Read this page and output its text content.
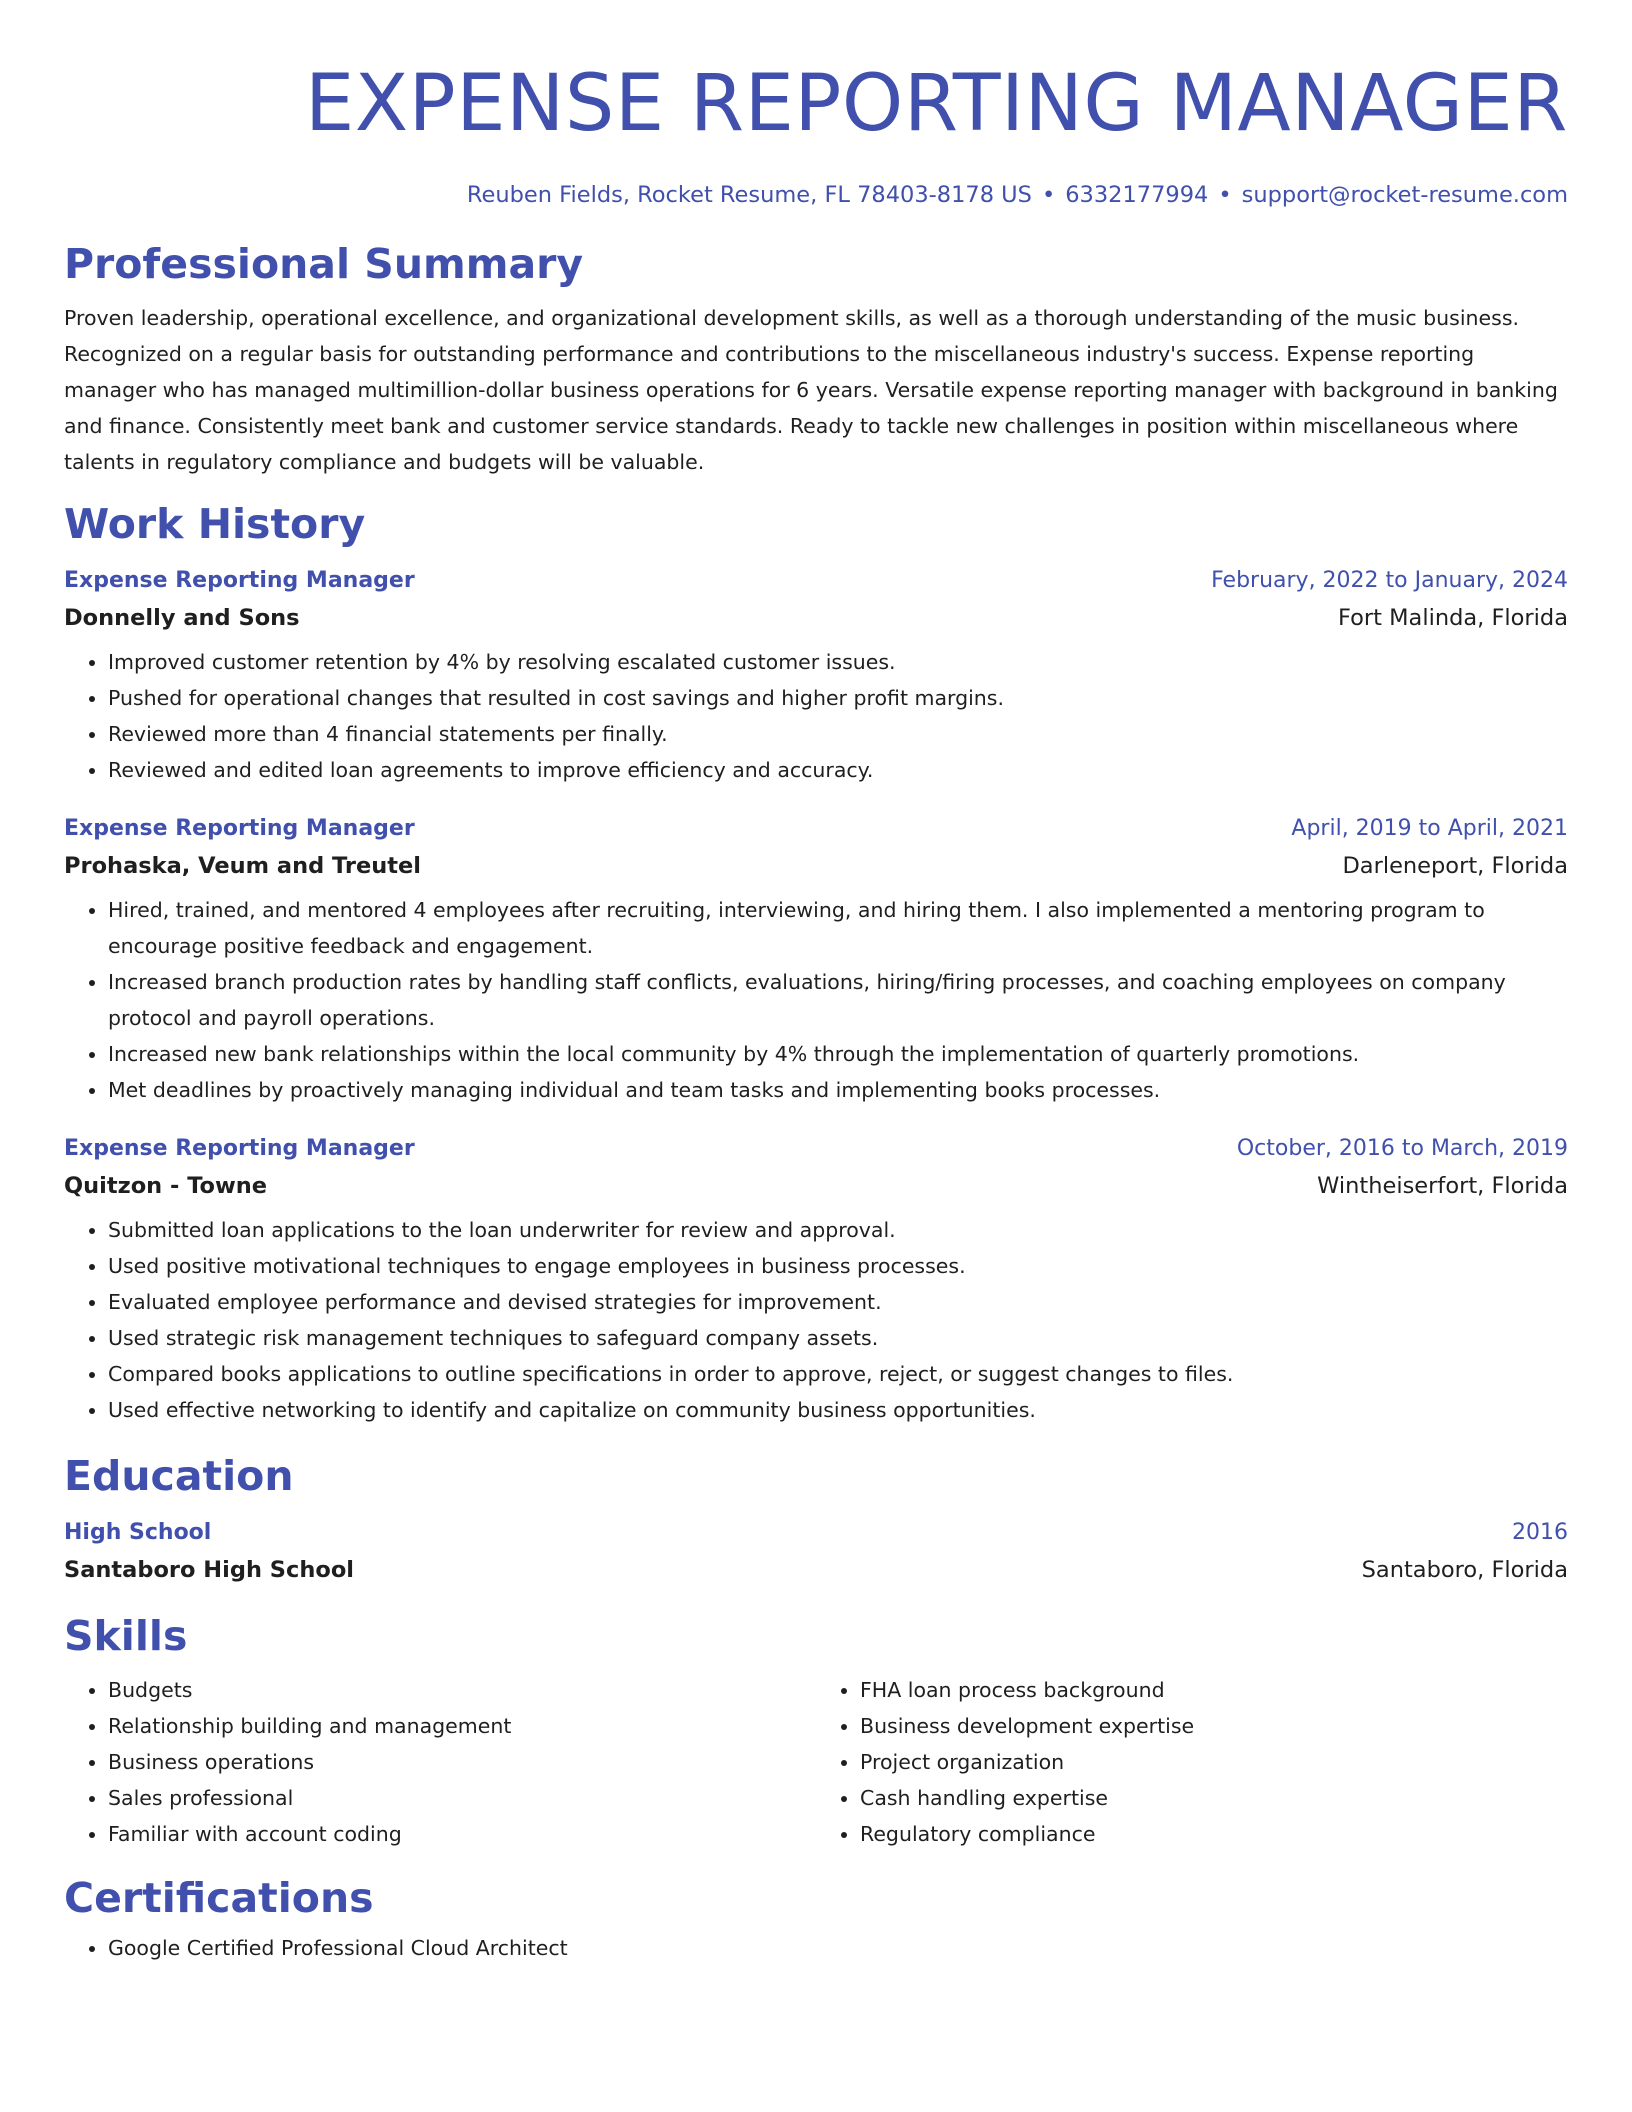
EXPENSE REPORTING MANAGER
Reuben Fields, Rocket Resume, FL 78403-8178 US • 6332177994 • support@rocket-resume.com
Professional Summary
Proven leadership, operational excellence, and organizational development skills, as well as a thorough understanding of the music business. Recognized on a regular basis for outstanding performance and contributions to the miscellaneous industry's success. Expense reporting manager who has managed multimillion-dollar business operations for 6 years. Versatile expense reporting manager with background in banking and finance. Consistently meet bank and customer service standards. Ready to tackle new challenges in position within miscellaneous where talents in regulatory compliance and budgets will be valuable.
Work History
Expense Reporting Manager	February, 2022 to January, 2024
Donnelly and Sons	Fort Malinda, Florida
• Improved customer retention by 4% by resolving escalated customer issues.
• Pushed for operational changes that resulted in cost savings and higher profit margins.
• Reviewed more than 4 financial statements per finally.
• Reviewed and edited loan agreements to improve efficiency and accuracy.
Expense Reporting Manager	April, 2019 to April, 2021
Prohaska, Veum and Treutel	Darleneport, Florida
• Hired, trained, and mentored 4 employees after recruiting, interviewing, and hiring them. I also implemented a mentoring program to encourage positive feedback and engagement.
• Increased branch production rates by handling staff conflicts, evaluations, hiring/firing processes, and coaching employees on company protocol and payroll operations.
• Increased new bank relationships within the local community by 4% through the implementation of quarterly promotions.
• Met deadlines by proactively managing individual and team tasks and implementing books processes.
Expense Reporting Manager	October, 2016 to March, 2019
Quitzon - Towne	Wintheiserfort, Florida
• Submitted loan applications to the loan underwriter for review and approval.
• Used positive motivational techniques to engage employees in business processes.
• Evaluated employee performance and devised strategies for improvement.
• Used strategic risk management techniques to safeguard company assets.
• Compared books applications to outline specifications in order to approve, reject, or suggest changes to files.
• Used effective networking to identify and capitalize on community business opportunities.
Education
High School	2016
Santaboro High School	Santaboro, Florida
Skills
• Budgets
• Relationship building and management
• Business operations
• Sales professional
• Familiar with account coding
• FHA loan process background
• Business development expertise
• Project organization
• Cash handling expertise
• Regulatory compliance
Certifications
• Google Certified Professional Cloud Architect
